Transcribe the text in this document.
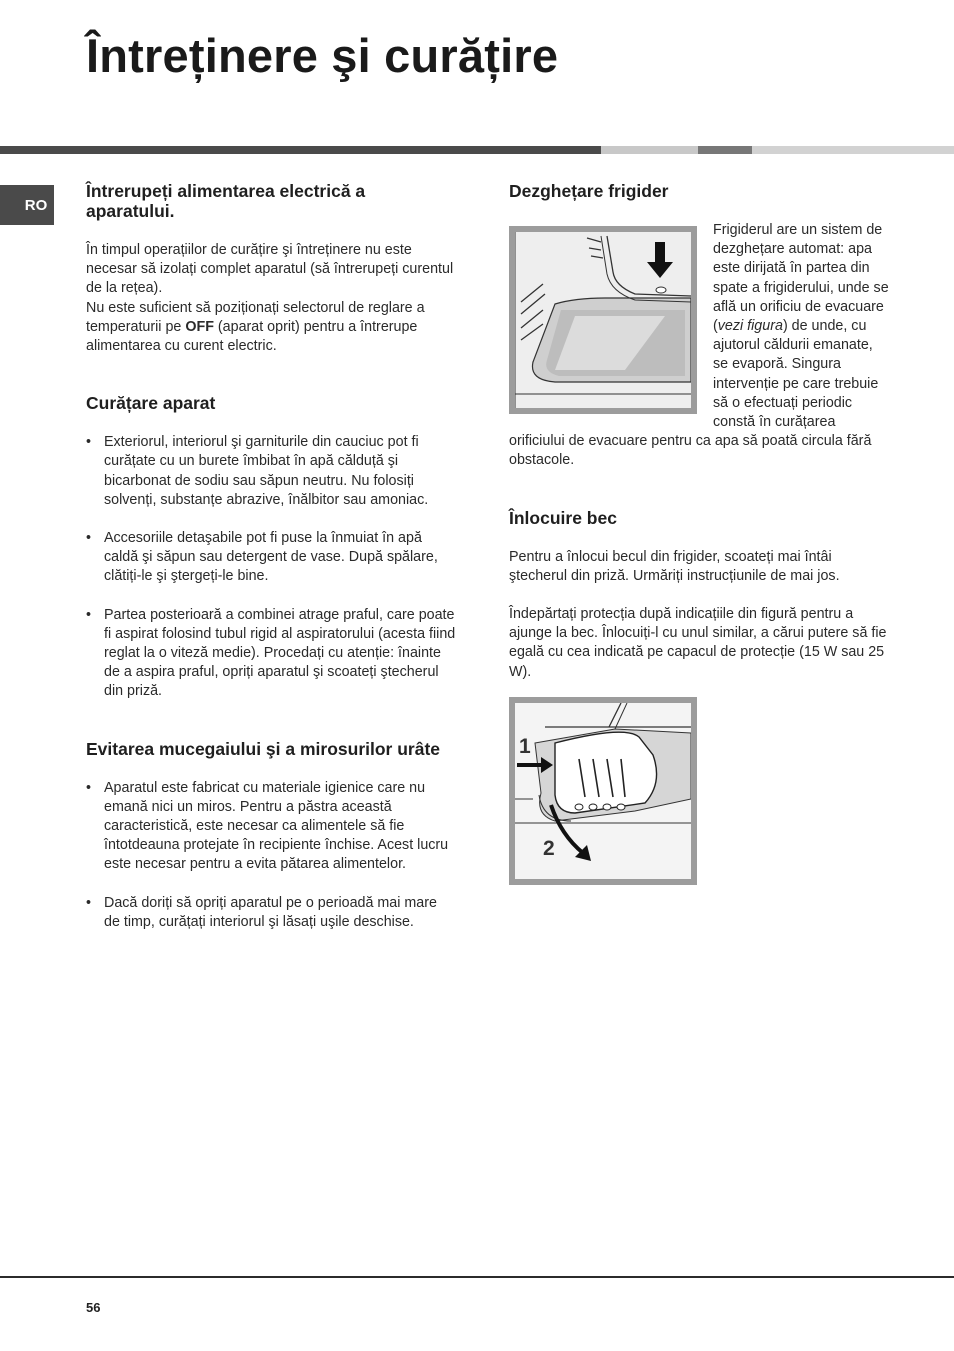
Întreținere şi curățire
RO
Întrerupeți alimentarea electrică a aparatului.

În timpul operațiilor de curățire şi întreținere nu este necesar să izolați complet aparatul (să întrerupeți curentul de la rețea).

Nu este suficient să poziționați selectorul de reglare a temperaturii pe OFF (aparat oprit) pentru a întrerupe alimentarea cu curent electric.

Curățare aparat
• Exteriorul, interiorul şi garniturile din cauciuc pot fi curățate cu un burete îmbibat în apă călduță şi bicarbonat de sodiu sau săpun neutru. Nu folosiți solvenți, substanțe abrazive, înălbitor sau amoniac.
• Accesoriile detaşabile pot fi puse la înmuiat în apă caldă şi săpun sau detergent de vase. După spălare, clătiți-le şi ştergeți-le bine.
• Partea posterioară a combinei atrage praful, care poate fi aspirat folosind tubul rigid al aspiratorului (acesta fiind reglat la o viteză medie). Procedați cu atenție: înainte de a aspira praful, opriți aparatul şi scoateți ştecherul din priză.
Evitarea mucegaiului şi a mirosurilor urâte
• Aparatul este fabricat cu materiale igienice care nu emană nici un miros. Pentru a păstra această caracteristică, este necesar ca alimentele să fie întotdeauna protejate în recipiente închise. Acest lucru este necesar pentru a evita pătarea alimentelor.
• Dacă doriți să opriți aparatul pe o perioadă mai mare de timp, curățați interiorul şi lăsați uşile deschise.
Dezghețare frigider

Frigiderul are un sistem de dezghețare automat: apa este dirijată în partea din spate a frigiderului, unde se află un orificiu de evacuare (vezi figura) de unde, cu ajutorul căldurii emanate, se evaporă. Singura intervenție pe care trebuie să o efectuați periodic constă în curățarea orificiului de evacuare pentru ca apa să poată circula fără obstacole.

Înlocuire bec

Pentru a înlocui becul din frigider, scoateți mai întâi ştecherul din priză. Urmăriți instrucțiunile de mai jos.

Îndepărtați protecția după indicațiile din figură pentru a ajunge la bec. Înlocuiți-l cu unul similar, a cărui putere să fie egală cu cea indicată pe capacul de protecție (15 W sau 25 W).

1
2
56
